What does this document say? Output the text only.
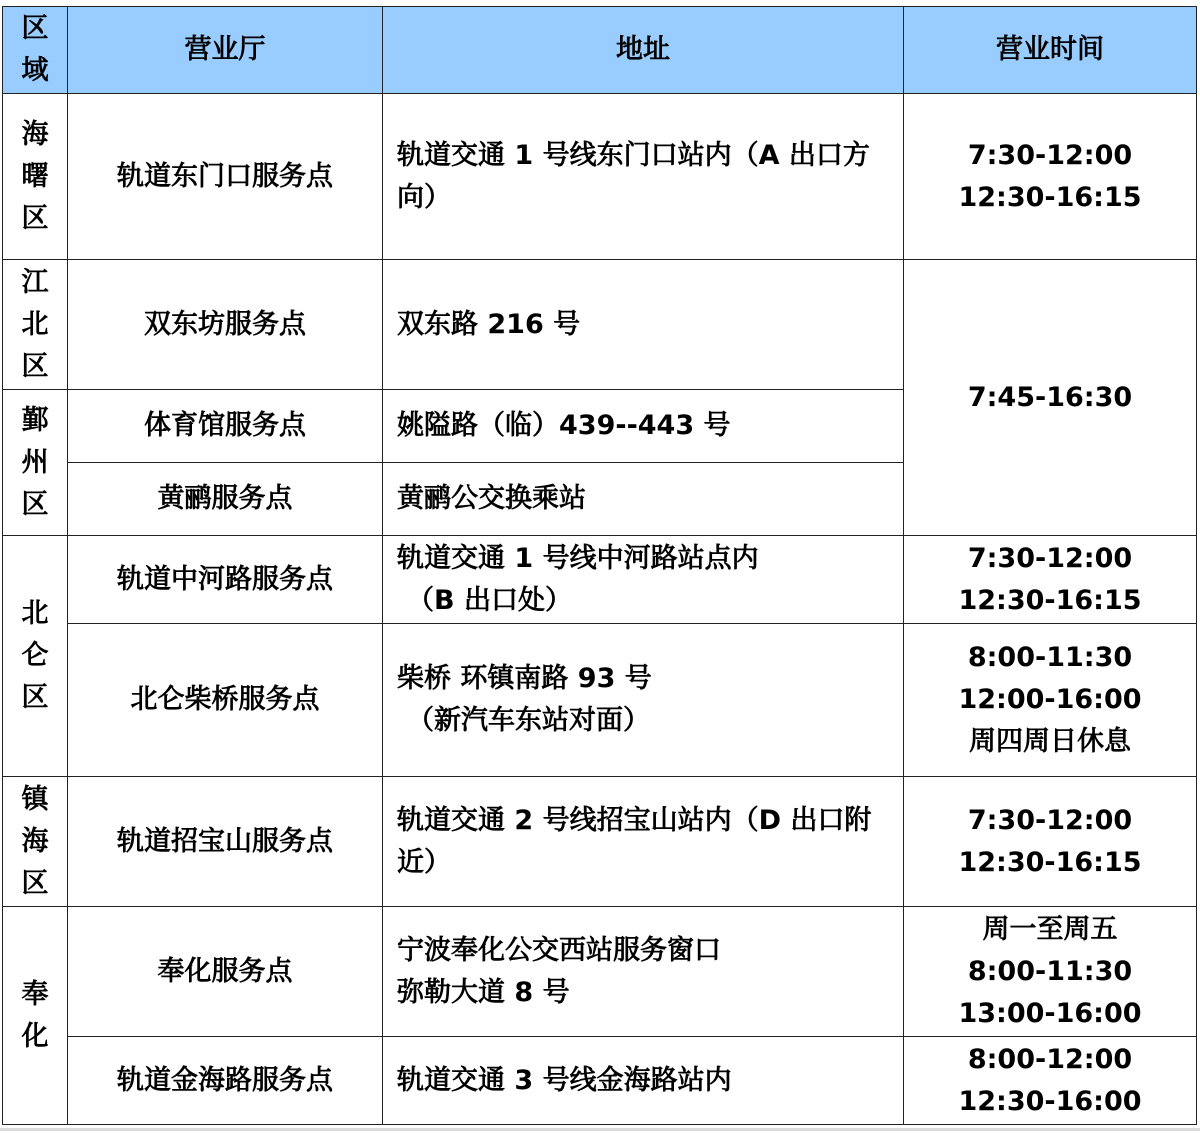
区域	营业厅	地址	营业时间
海曙区	轨道东门口服务点	轨道交通 1 号线东门口站内（A 出口方
向）	7:30-12:00
12:30-16:15

江北区	双东坊服务点	双东路 216 号	7:45-16:30

鄞州区	体育馆服务点	姚隘路（临）439--443 号	

	黄鹂服务点	黄鹂公交换乘站	

北仑区	轨道中河路服务点	轨道交通 1 号线中河路站点内
（B 出口处）	7:30-12:00
12:30-16:15

	北仑柴桥服务点	柴桥 环镇南路 93 号
（新汽车东站对面）	8:00-11:30
12:00-16:00
周四周日休息

镇海区	轨道招宝山服务点	轨道交通 2 号线招宝山站内（D 出口附
近）	7:30-12:00
12:30-16:15

奉化	奉化服务点	宁波奉化公交西站服务窗口
弥勒大道 8 号	周一至周五
8:00-11:30
13:00-16:00

	轨道金海路服务点	轨道交通 3 号线金海路站内	8:00-12:00
12:30-16:00
